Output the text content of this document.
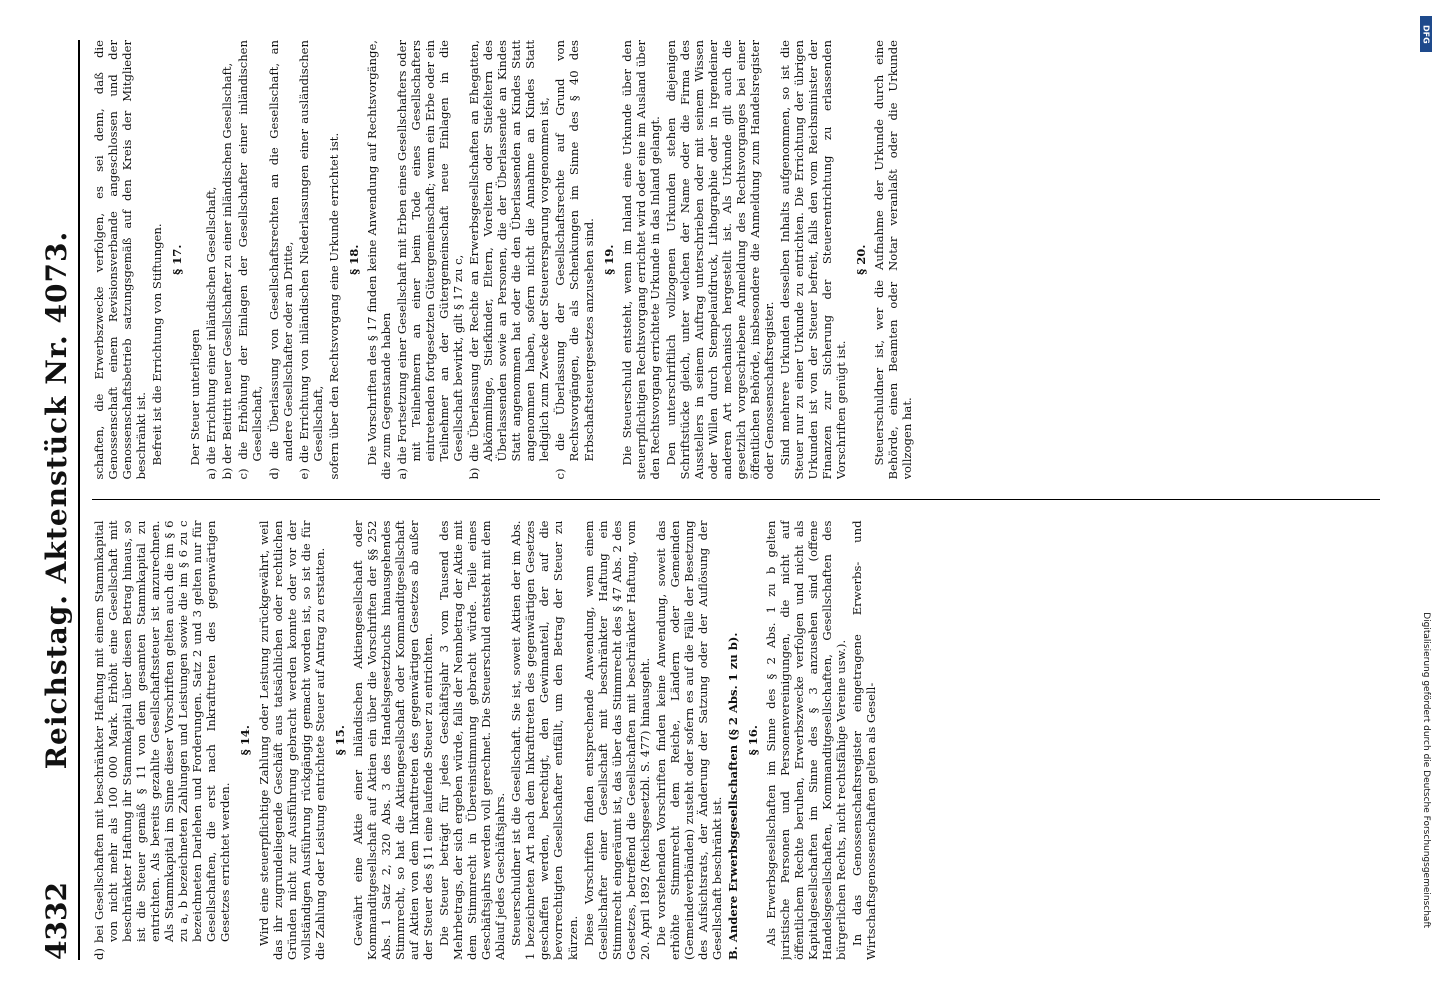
4332
Reichstag. Aktenstück Nr. 4073. d) bei Gesellschaften mit beschränkter Haftung mit einem Stammkapital von nicht mehr als 100 000 Mark. Erhöht eine Gesellschaft mit beschränkter Haftung ihr Stammkapital über diesen Betrag hinaus, so ist die Steuer gemäß § 11 von dem gesamten Stammkapital zu entrichten. Als bereits gezahlte Gesellschaftssteuer ist anzurechnen. Als Stammkapital im Sinne dieser Vorschriften gelten auch die im § 6 zu a, b bezeichneten Zahlungen und Leistungen sowie die im § 6 zu c bezeichneten Darlehen und Forderungen. Satz 2 und 3 gelten nur für Gesellschaften, die erst nach Inkrafttreten des gegenwärtigen Gesetzes errichtet werden.

§ 14. Wird eine steuerpflichtige Zahlung oder Leistung zurückgewährt, weil das ihr zugrundeliegende Geschäft aus tatsächlichen oder rechtlichen Gründen nicht zur Ausführung gebracht werden konnte oder vor der vollständigen Ausführung rückgängig gemacht worden ist, so ist die für die Zahlung oder Leistung entrichtete Steuer auf Antrag zu erstatten. § 15. Gewährt eine Aktie einer inländischen Aktiengesellschaft oder Kommanditgesellschaft auf Aktien ein über die Vorschriften der §§ 252 Abs. 1 Satz 2, 320 Abs. 3 des Handelsgesetzbuchs hinausgehendes Stimmrecht, so hat die Aktiengesellschaft oder Kommanditgesellschaft auf Aktien von dem Inkrafttreten des gegenwärtigen Gesetzes ab außer der Steuer des § 11 eine laufende Steuer zu entrichten. Die Steuer beträgt für jedes Geschäftsjahr 3 vom Tausend des Mehrbetrags, der sich ergeben würde, falls der Nennbetrag der Aktie mit dem Stimmrecht in Übereinstimmung gebracht würde. Teile eines Geschäftsjahrs werden voll gerechnet. Die Steuerschuld entsteht mit dem Ablauf jedes Geschäftsjahrs. Steuerschuldner ist die Gesellschaft. Sie ist, soweit Aktien der im Abs. 1 bezeichneten Art nach dem Inkrafttreten des gegenwärtigen Gesetzes geschaffen werden, berechtigt, den Gewinnanteil, der auf die bevorrechtigten Gesellschafter entfällt, um den Betrag der Steuer zu kürzen. Diese Vorschriften finden entsprechende Anwendung, wenn einem Gesellschafter einer Gesellschaft mit beschränkter Haftung ein Stimmrecht eingeräumt ist, das über das Stimmrecht des § 47 Abs. 2 des Gesetzes, betreffend die Gesellschaften mit beschränkter Haftung, vom 20. April 1892 (Reichsgesetzbl. S. 477) hinausgeht. Die vorstehenden Vorschriften finden keine Anwendung, soweit das erhöhte Stimmrecht dem Reiche, Ländern oder Gemeinden (Gemeindeverbänden) zusteht oder sofern es auf die Fälle der Besetzung des Aufsichtsrats, der Änderung der Satzung oder der Auflösung der Gesellschaft beschränkt ist. B. Andere Erwerbsgesellschaften (§ 2 Abs. 1 zu b). § 16. Als Erwerbsgesellschaften im Sinne des § 2 Abs. 1 zu b gelten juristische Personen und Personenvereinigungen, die nicht auf öffentlichem Rechte beruhen, Erwerbszwecke verfolgen und nicht als Kapitalgesellschaften im Sinne des § 3 anzusehen sind (offene Handelsgesellschaften, Kommanditgesellschaften, Gesellschaften des bürgerlichen Rechts, nicht rechtsfähige Vereine usw.). In das Genossenschaftsregister eingetragene Erwerbs- und Wirtschaftsgenossenschaften gelten als Gesell-

schaften, die Erwerbszwecke verfolgen, es sei denn, daß die Genossenschaft einem Revisionsverbande angeschlossen und der Genossenschaftsbetrieb satzungsgemäß auf den Kreis der Mitglieder beschränkt ist. Befreit ist die Errichtung von Stiftungen. § 17.

Der Steuer unterliegen a) die Errichtung einer inländischen Gesellschaft, b) der Beitritt neuer Gesellschafter zu einer inländischen Gesellschaft, c) die Erhöhung der Einlagen der Gesellschafter einer inländischen Gesellschaft, d) die Überlassung von Gesellschaftsrechten an die Gesellschaft, an andere Gesellschafter oder an Dritte, e) die Errichtung von inländischen Niederlassungen einer ausländischen Gesellschaft, sofern über den Rechtsvorgang eine Urkunde errichtet ist. § 18. Die Vorschriften des § 17 finden keine Anwendung auf Rechtsvorgänge, die zum Gegenstande haben a) die Fortsetzung einer Gesellschaft mit Erben eines Gesellschafters oder mit Teilnehmern an einer beim Tode eines Gesellschafters eintretenden fortgesetzten Gütergemeinschaft; wenn ein Erbe oder ein Teilnehmer an der Gütergemeinschaft neue Einlagen in die Gesellschaft bewirkt, gilt § 17 zu c, b) die Überlassung der Rechte an Erwerbsgesellschaften an Ehegatten, Abkömmlinge, Stiefkinder, Eltern, Voreltern oder Stiefeltern des Überlassenden sowie an Personen, die der Überlassende an Kindes Statt angenommen hat oder die den Überlassenden an Kindes Statt angenommen haben, sofern nicht die Annahme an Kindes Statt lediglich zum Zwecke der Steuerersparung vorgenommen ist, c) die Überlassung der Gesellschaftsrechte auf Grund von Rechtsvorgängen, die als Schenkungen im Sinne des § 40 des Erbschaftsteuergesetzes anzusehen sind. § 19. Die Steuerschuld entsteht, wenn im Inland eine Urkunde über den steuerpflichtigen Rechtsvorgang errichtet wird oder eine im Ausland über den Rechtsvorgang errichtete Urkunde in das Inland gelangt. Den unterschriftlich vollzogenen Urkunden stehen diejenigen Schriftstücke gleich, unter welchen der Name oder die Firma des Ausstellers in seinem Auftrag unterschrieben oder mit seinem Wissen oder Willen durch Stempelaufdruck, Lithographie oder in irgendeiner anderen Art mechanisch hergestellt ist. Als Urkunde gilt auch die gesetzlich vorgeschriebene Anmeldung des Rechtsvorganges bei einer öffentlichen Behörde, insbesondere die Anmeldung zum Handelsregister oder Genossenschaftsregister. Sind mehrere Urkunden desselben Inhalts aufgenommen, so ist die Steuer nur zu einer Urkunde zu entrichten. Die Errichtung der übrigen Urkunden ist von der Steuer befreit, falls den vom Reichsminister der Finanzen zur Sicherung der Steuerentrichtung zu erlassenden Vorschriften genügt ist.

§ 20. Steuerschuldner ist, wer die Aufnahme der Urkunde durch eine Behörde, einen Beamten oder Notar veranlaßt oder die Urkunde vollzogen hat.

Digitalisierung gefördert durch die Deutsche Forschungsgemeinschaft
DFG
